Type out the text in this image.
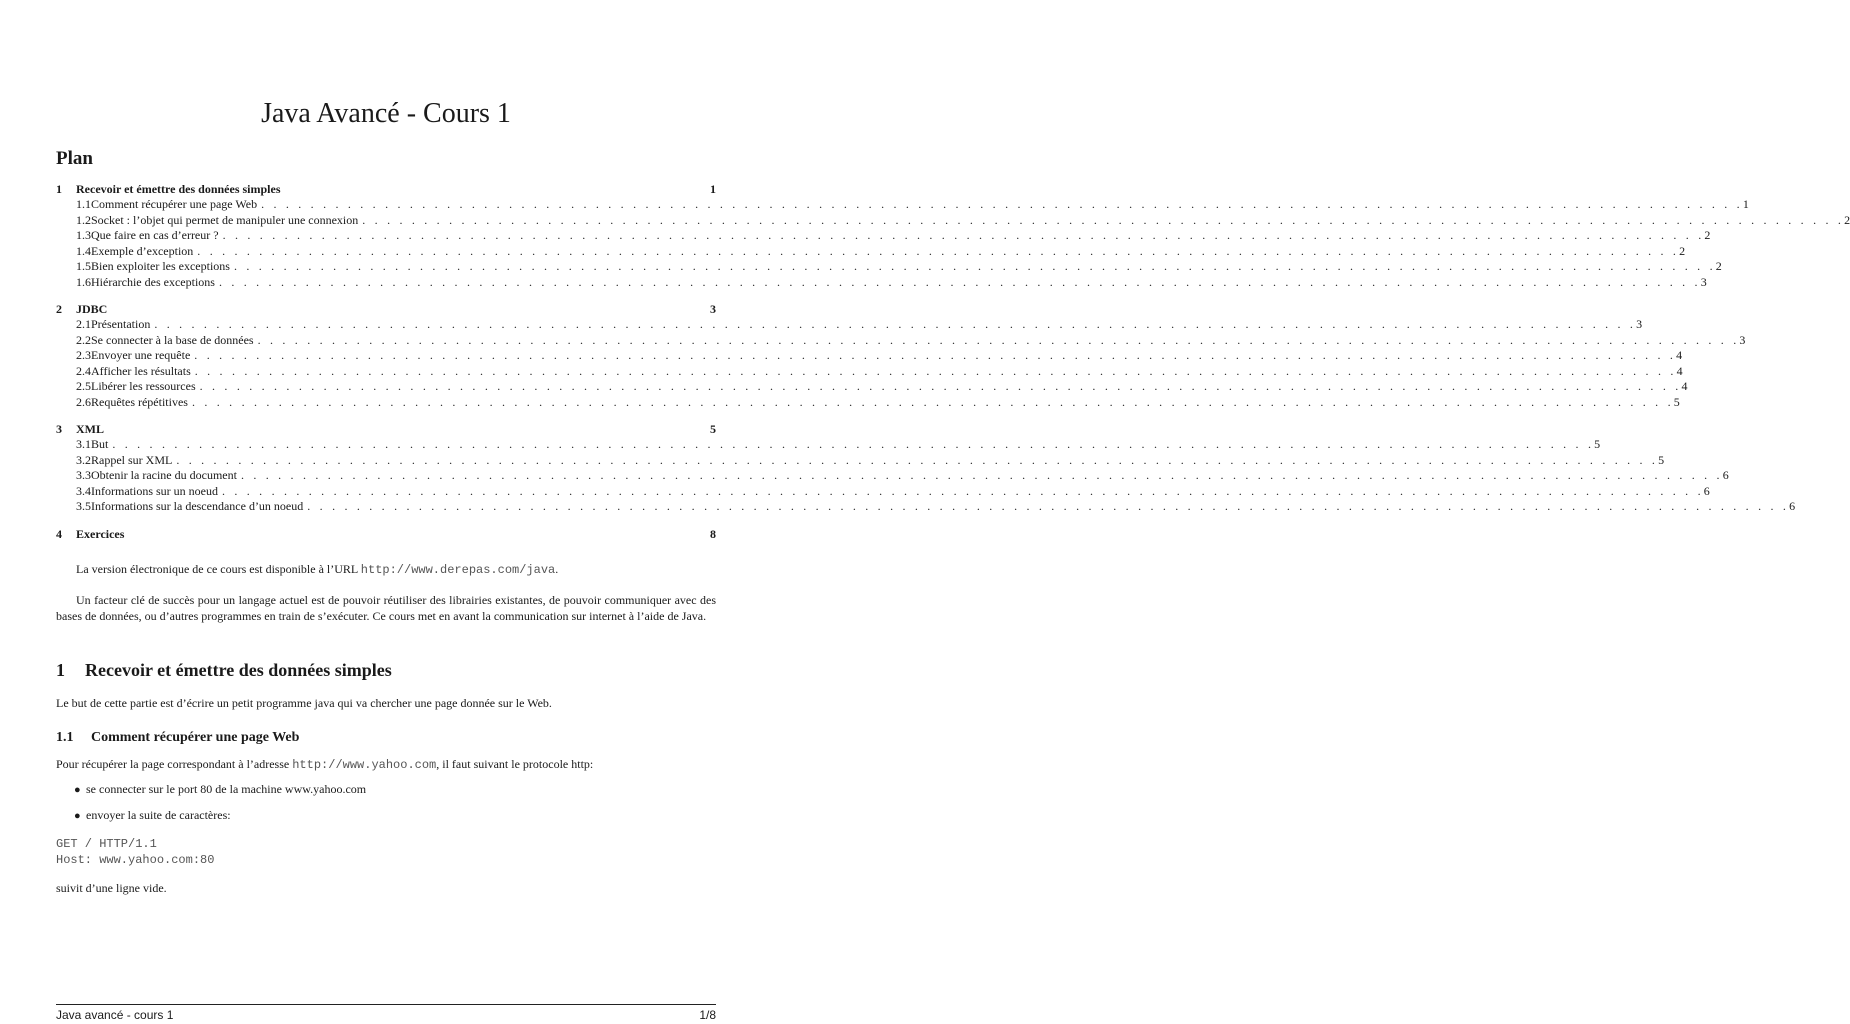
Java Avancé - Cours 1
Plan
1	Recevoir et émettre des données simples	1
1.1 Comment récupérer une page Web . . . . . . . . . . . . . . . . . . . . . . . . . . . . . . . . . . . . . . . . . . . . . . . . . . . . . . . . . . . . . . . . . . . . . . . . . . . . . . . . . . . . . . . . . . . . . . . . . . . . . . . . . . . . . . . . . . . . . . . . 1
1.2 Socket : l’objet qui permet de manipuler une connexion . . . . . . . . . . . . . . . . . . . . . . . . . . . . . . . . . . . . . . . . . . . . . . . . . . . . . . . . . . . . . . . . . . . . . . . . . . . . . . . . . . . . . . . . . . . . . . . . . . . . . . . . . . . . . . . . . . . . . . . . 2
1.3 Que faire en cas d’erreur ? . . . . . . . . . . . . . . . . . . . . . . . . . . . . . . . . . . . . . . . . . . . . . . . . . . . . . . . . . . . . . . . . . . . . . . . . . . . . . . . . . . . . . . . . . . . . . . . . . . . . . . . . . . . . . . . . . . . . . . . . 2
1.4 Exemple d’exception . . . . . . . . . . . . . . . . . . . . . . . . . . . . . . . . . . . . . . . . . . . . . . . . . . . . . . . . . . . . . . . . . . . . . . . . . . . . . . . . . . . . . . . . . . . . . . . . . . . . . . . . . . . . . . . . . . . . . . . . 2
1.5 Bien exploiter les exceptions . . . . . . . . . . . . . . . . . . . . . . . . . . . . . . . . . . . . . . . . . . . . . . . . . . . . . . . . . . . . . . . . . . . . . . . . . . . . . . . . . . . . . . . . . . . . . . . . . . . . . . . . . . . . . . . . . . . . . . . . 2
1.6 Hiérarchie des exceptions . . . . . . . . . . . . . . . . . . . . . . . . . . . . . . . . . . . . . . . . . . . . . . . . . . . . . . . . . . . . . . . . . . . . . . . . . . . . . . . . . . . . . . . . . . . . . . . . . . . . . . . . . . . . . . . . . . . . . . . . 3
2	JDBC	3
2.1 Présentation . . . . . . . . . . . . . . . . . . . . . . . . . . . . . . . . . . . . . . . . . . . . . . . . . . . . . . . . . . . . . . . . . . . . . . . . . . . . . . . . . . . . . . . . . . . . . . . . . . . . . . . . . . . . . . . . . . . . . . . . 3
2.2 Se connecter à la base de données . . . . . . . . . . . . . . . . . . . . . . . . . . . . . . . . . . . . . . . . . . . . . . . . . . . . . . . . . . . . . . . . . . . . . . . . . . . . . . . . . . . . . . . . . . . . . . . . . . . . . . . . . . . . . . . . . . . . . . . . 3
2.3 Envoyer une requête . . . . . . . . . . . . . . . . . . . . . . . . . . . . . . . . . . . . . . . . . . . . . . . . . . . . . . . . . . . . . . . . . . . . . . . . . . . . . . . . . . . . . . . . . . . . . . . . . . . . . . . . . . . . . . . . . . . . . . . . 4
2.4 Afficher les résultats . . . . . . . . . . . . . . . . . . . . . . . . . . . . . . . . . . . . . . . . . . . . . . . . . . . . . . . . . . . . . . . . . . . . . . . . . . . . . . . . . . . . . . . . . . . . . . . . . . . . . . . . . . . . . . . . . . . . . . . . 4
2.5 Libérer les ressources . . . . . . . . . . . . . . . . . . . . . . . . . . . . . . . . . . . . . . . . . . . . . . . . . . . . . . . . . . . . . . . . . . . . . . . . . . . . . . . . . . . . . . . . . . . . . . . . . . . . . . . . . . . . . . . . . . . . . . . . 4
2.6 Requêtes répétitives . . . . . . . . . . . . . . . . . . . . . . . . . . . . . . . . . . . . . . . . . . . . . . . . . . . . . . . . . . . . . . . . . . . . . . . . . . . . . . . . . . . . . . . . . . . . . . . . . . . . . . . . . . . . . . . . . . . . . . . . 5
3	XML	5
3.1 But . . . . . . . . . . . . . . . . . . . . . . . . . . . . . . . . . . . . . . . . . . . . . . . . . . . . . . . . . . . . . . . . . . . . . . . . . . . . . . . . . . . . . . . . . . . . . . . . . . . . . . . . . . . . . . . . . . . . . . . . 5
3.2 Rappel sur XML . . . . . . . . . . . . . . . . . . . . . . . . . . . . . . . . . . . . . . . . . . . . . . . . . . . . . . . . . . . . . . . . . . . . . . . . . . . . . . . . . . . . . . . . . . . . . . . . . . . . . . . . . . . . . . . . . . . . . . . . 5
3.3 Obtenir la racine du document . . . . . . . . . . . . . . . . . . . . . . . . . . . . . . . . . . . . . . . . . . . . . . . . . . . . . . . . . . . . . . . . . . . . . . . . . . . . . . . . . . . . . . . . . . . . . . . . . . . . . . . . . . . . . . . . . . . . . . . . 6
3.4 Informations sur un noeud . . . . . . . . . . . . . . . . . . . . . . . . . . . . . . . . . . . . . . . . . . . . . . . . . . . . . . . . . . . . . . . . . . . . . . . . . . . . . . . . . . . . . . . . . . . . . . . . . . . . . . . . . . . . . . . . . . . . . . . . 6
3.5 Informations sur la descendance d’un noeud . . . . . . . . . . . . . . . . . . . . . . . . . . . . . . . . . . . . . . . . . . . . . . . . . . . . . . . . . . . . . . . . . . . . . . . . . . . . . . . . . . . . . . . . . . . . . . . . . . . . . . . . . . . . . . . . . . . . . . . . 6
4	Exercices	8
La version électronique de ce cours est disponible à l’URL http://www.derepas.com/java.
Un facteur clé de succès pour un langage actuel est de pouvoir réutiliser des librairies existantes, de pouvoir communiquer avec des bases de données, ou d’autres programmes en train de s’exécuter. Ce cours met en avant la communication sur internet à l’aide de Java.
1 Recevoir et émettre des données simples
Le but de cette partie est d’écrire un petit programme java qui va chercher une page donnée sur le Web.
1.1 Comment récupérer une page Web
Pour récupérer la page correspondant à l’adresse http://www.yahoo.com, il faut suivant le protocole http:
● se connecter sur le port 80 de la machine www.yahoo.com
● envoyer la suite de caractères:
GET / HTTP/1.1
Host: www.yahoo.com:80
suivit d’une ligne vide.
Java avancé - cours 1	1/8
